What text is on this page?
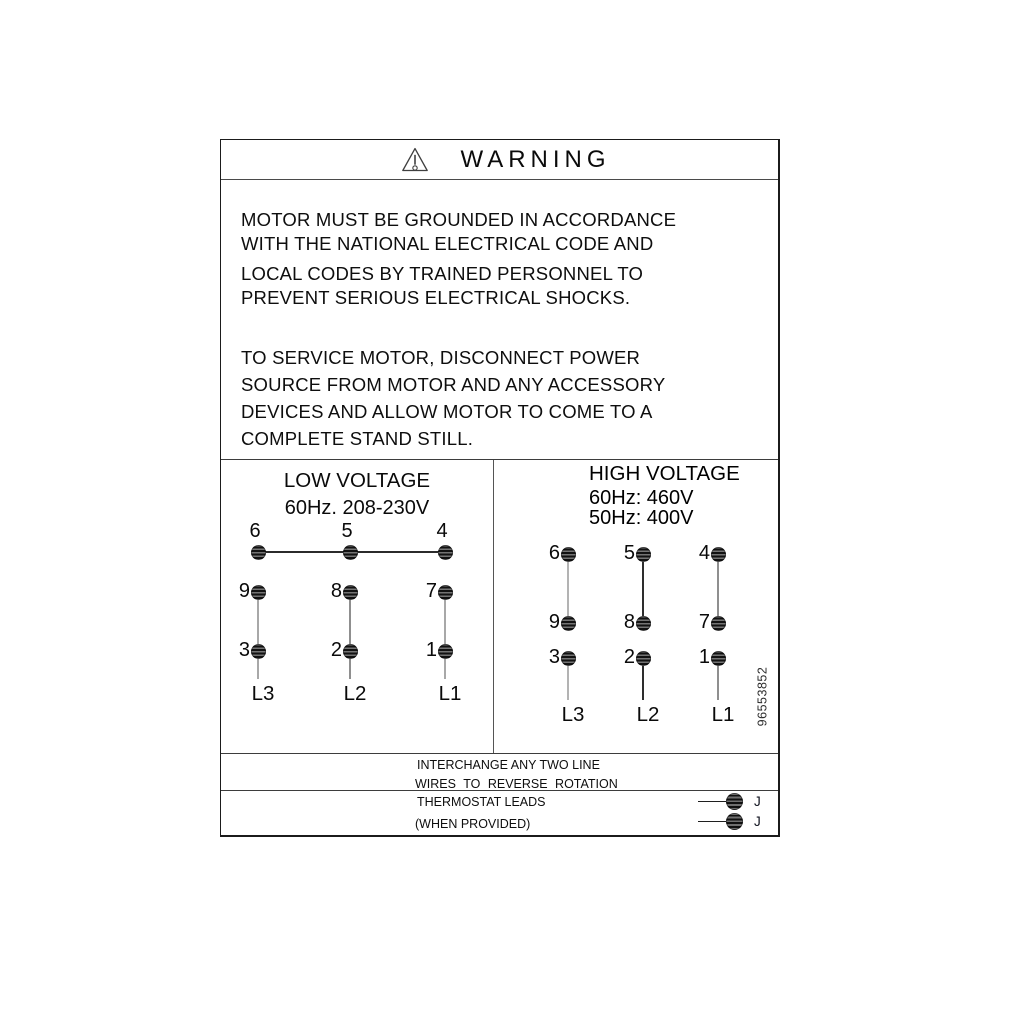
WARNING
MOTOR MUST BE GROUNDED IN ACCORDANCE
WITH THE NATIONAL ELECTRICAL CODE AND
LOCAL CODES BY TRAINED PERSONNEL TO
PREVENT SERIOUS ELECTRICAL SHOCKS.
TO SERVICE MOTOR, DISCONNECT POWER
SOURCE FROM MOTOR AND ANY ACCESSORY
DEVICES AND ALLOW MOTOR TO COME TO A
COMPLETE STAND STILL.
LOW VOLTAGE
60Hz. 208-230V
6	5	4
9	8	7
3	2	1
L3	L2	L1
HIGH VOLTAGE
60Hz: 460V
50Hz: 400V
6	5	4
9	8	7
3	2	1
L3	L2	L1	96553852
INTERCHANGE ANY TWO LINE
WIRES TO REVERSE ROTATION
THERMOSTAT LEADS
(WHEN PROVIDED)
J
J
